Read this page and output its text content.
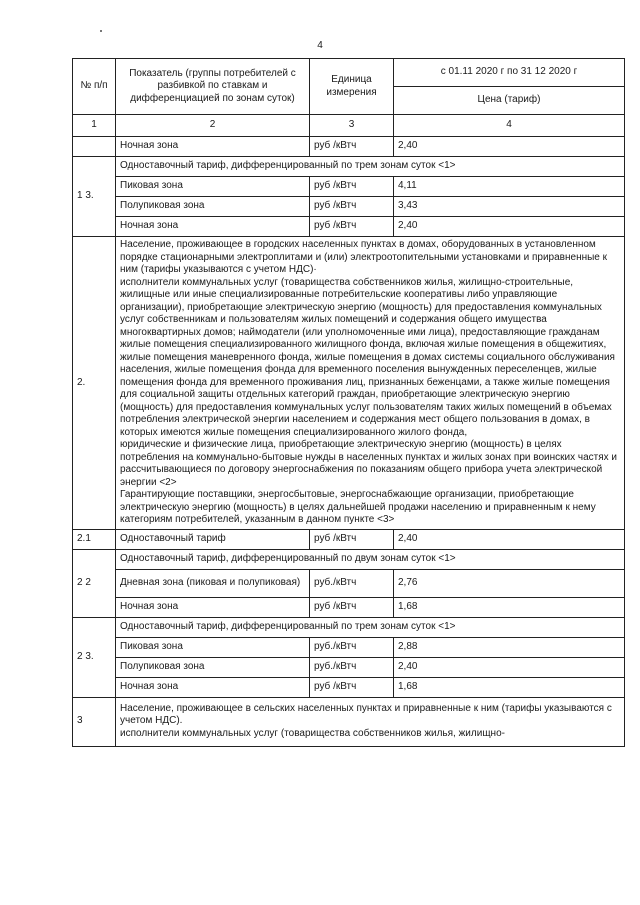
4
№ п/п	Показатель (группы потребителей с разбивкой по ставкам и дифференциацией по зонам суток)	Единица измерения	с 01.11 2020 г по 31 12 2020 г
			Цена (тариф)
1	2	3	4
	Ночная зона	руб /кВтч	2,40
1 3.	Одноставочный тариф, дифференцированный по трем зонам суток <1>		
	Пиковая зона	руб /кВтч	4,11
	Полупиковая зона	руб /кВтч	3,43
	Ночная зона	руб /кВтч	2,40
2.	Население, проживающее в городских населенных пунктах в домах, оборудованных в установленном порядке стационарными электроплитами и (или) электроотопительными установками и приравненные к ним (тарифы указываются с учетом НДС)·
исполнители коммунальных услуг (товарищества собственников жилья, жилищно-строительные, жилищные или иные специализированные потребительские кооперативы либо управляющие организации), приобретающие электрическую энергию (мощность) для предоставления коммунальных услуг собственникам и пользователям жилых помещений и содержания общего имущества многоквартирных домов; наймодатели (или уполномоченные ими лица), предоставляющие гражданам жилые помещения специализированного жилищного фонда, включая жилые помещения в общежитиях, жилые помещения маневренного фонда, жилые помещения в домах системы социального обслуживания населения, жилые помещения фонда для временного поселения вынужденных переселенцев, жилые помещения фонда для временного проживания лиц, признанных беженцами, а также жилые помещения для социальной защиты отдельных категорий граждан, приобретающие электрическую энергию (мощность) для предоставления коммунальных услуг пользователям таких жилых помещений в объемах потребления электрической энергии населением и содержания мест общего пользования в домах, в которых имеются жилые помещения специализированного жилого фонда,
юридические и физические лица, приобретающие электрическую энергию (мощность) в целях потребления на коммунально-бытовые нужды в населенных пунктах и жилых зонах при воинских частях и рассчитывающиеся по договору энергоснабжения по показаниям общего прибора учета электрической энергии <2>
Гарантирующие поставщики, энергосбытовые, энергоснабжающие организации, приобретающие электрическую энергию (мощность) в целях дальнейшей продажи населению и приравненным к нему категориям потребителей, указанным в данном пункте <3>		

2.1	Одноставочный тариф	руб /кВтч	2,40
2 2	Одноставочный тариф, дифференцированный по двум зонам суток <1>		
	Дневная зона (пиковая и полупиковая)	руб./кВтч	2,76
	Ночная зона	руб /кВтч	1,68
2 3.	Одноставочный тариф, дифференцированный по трем зонам суток <1>		
	Пиковая зона	руб./кВтч	2,88
	Полупиковая зона	руб./кВтч	2,40
	Ночная зона	руб /кВтч	1,68
3	Население, проживающее в сельских населенных пунктах и приравненные к ним (тарифы указываются с учетом НДС).
исполнители коммунальных услуг (товарищества собственников жилья, жилищно-		
